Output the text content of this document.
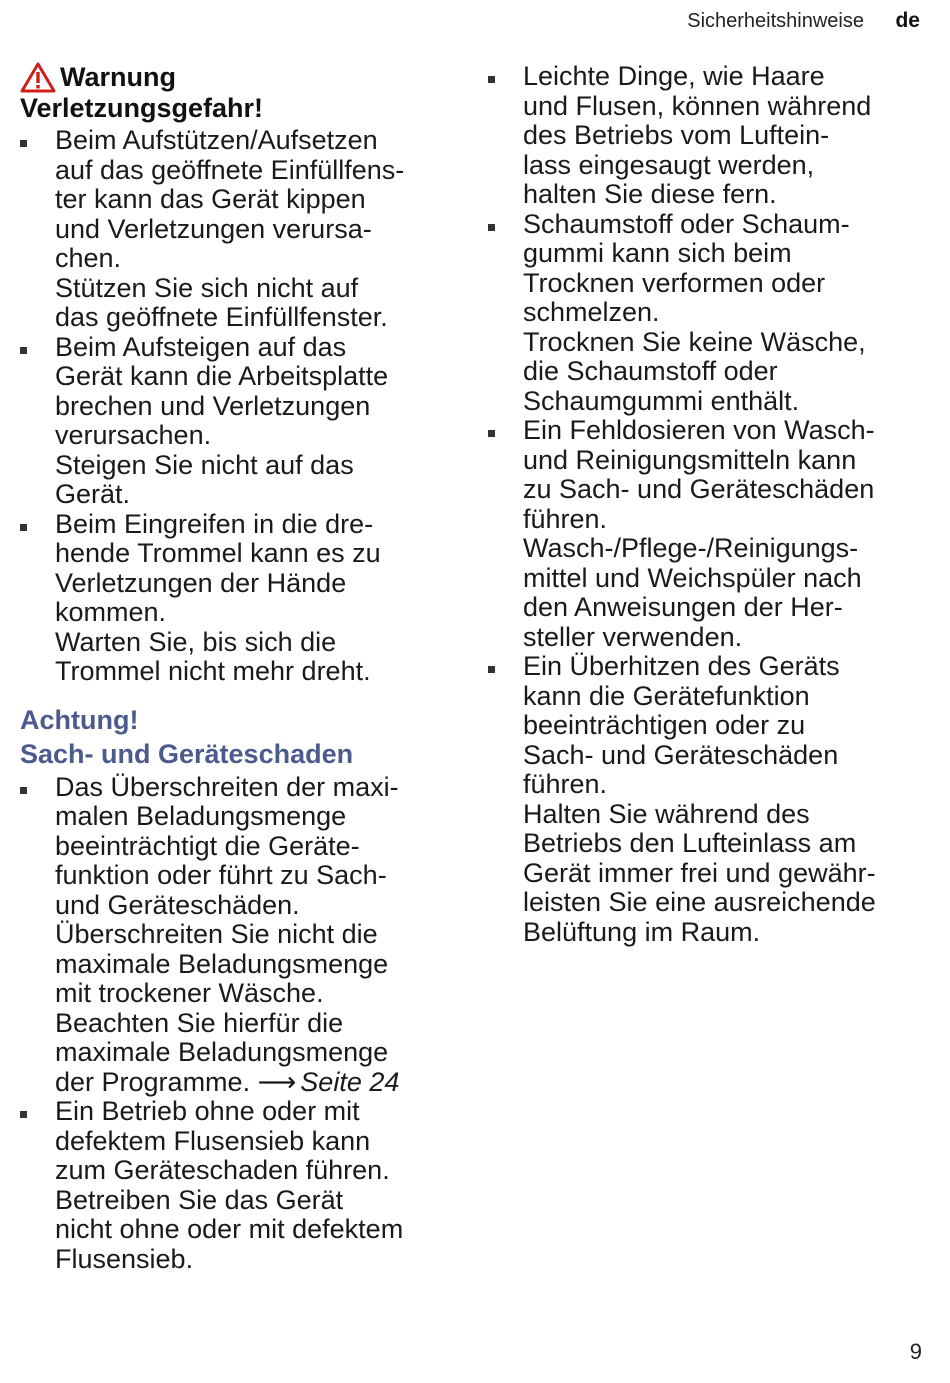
Sicherheitshinweise de
Warnung
Verletzungsgefahr!
Beim Aufstützen/Aufsetzen
auf das geöffnete Einfüllfens-
ter kann das Gerät kippen
und Verletzungen verursa-
chen.
Stützen Sie sich nicht auf
das geöffnete Einfüllfenster.
Beim Aufsteigen auf das
Gerät kann die Arbeitsplatte
brechen und Verletzungen
verursachen.
Steigen Sie nicht auf das
Gerät.
Beim Eingreifen in die dre-
hende Trommel kann es zu
Verletzungen der Hände
kommen.
Warten Sie, bis sich die
Trommel nicht mehr dreht.
Achtung!
Sach- und Geräteschaden
Das Überschreiten der maxi-
malen Beladungsmenge
beeinträchtigt die Geräte-
funktion oder führt zu Sach-
und Geräteschäden.
Überschreiten Sie nicht die
maximale Beladungsmenge
mit trockener Wäsche.
Beachten Sie hierfür die
maximale Beladungsmenge
der Programme. ⟶ Seite 24
Ein Betrieb ohne oder mit
defektem Flusensieb kann
zum Geräteschaden führen.
Betreiben Sie das Gerät
nicht ohne oder mit defektem
Flusensieb.
Leichte Dinge, wie Haare
und Flusen, können während
des Betriebs vom Luftein-
lass eingesaugt werden,
halten Sie diese fern.
Schaumstoff oder Schaum-
gummi kann sich beim
Trocknen verformen oder
schmelzen.
Trocknen Sie keine Wäsche,
die Schaumstoff oder
Schaumgummi enthält.
Ein Fehldosieren von Wasch-
und Reinigungsmitteln kann
zu Sach- und Geräteschäden
führen.
Wasch-/Pflege-/Reinigungs-
mittel und Weichspüler nach
den Anweisungen der Her-
steller verwenden.
Ein Überhitzen des Geräts
kann die Gerätefunktion
beeinträchtigen oder zu
Sach- und Geräteschäden
führen.
Halten Sie während des
Betriebs den Lufteinlass am
Gerät immer frei und gewähr-
leisten Sie eine ausreichende
Belüftung im Raum.
9
